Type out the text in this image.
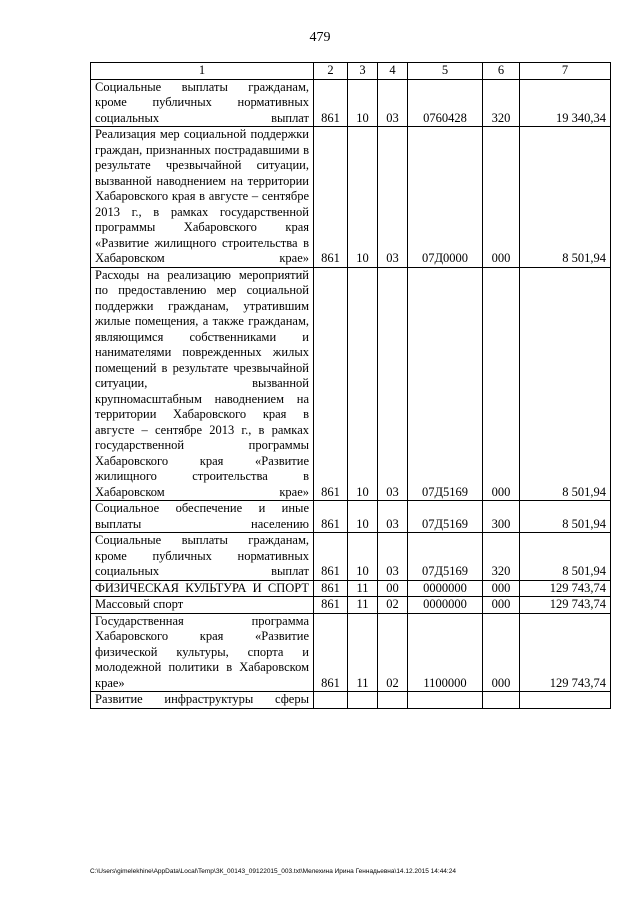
479
1	2	3	4	5	6	7
Социальные выплаты гражданам, кроме публичных нормативных социальных выплат	861	10	03	0760428	320	19 340,34
Реализация мер социальной поддержки граждан, признанных пострадавшими в результате чрезвычайной ситуации, вызванной наводнением на территории Хабаровского края в августе – сентябре 2013 г., в рамках государственной программы Хабаровского края «Развитие жилищного строительства в Хабаровском крае»	861	10	03	07Д0000	000	8 501,94
Расходы на реализацию мероприятий по предоставлению мер социальной поддержки гражданам, утратившим жилые помещения, а также гражданам, являющимся собственниками и нанимателями поврежденных жилых помещений в результате чрезвычайной ситуации, вызванной крупномасштабным наводнением на территории Хабаровского края в августе – сентябре 2013 г., в рамках государственной программы Хабаровского края «Развитие жилищного строительства в Хабаровском крае»	861	10	03	07Д5169	000	8 501,94
Социальное обеспечение и иные выплаты населению	861	10	03	07Д5169	300	8 501,94
Социальные выплаты гражданам, кроме публичных нормативных социальных выплат	861	10	03	07Д5169	320	8 501,94
ФИЗИЧЕСКАЯ КУЛЬТУРА И СПОРТ	861	11	00	0000000	000	129 743,74
Массовый спорт	861	11	02	0000000	000	129 743,74
Государственная программа Хабаровского края «Развитие физической культуры, спорта и молодежной политики в Хабаровском крае»	861	11	02	1100000	000	129 743,74
Развитие инфраструктуры сферы						
C:\Users\gimelekhine\AppData\Local\Temp\ЗК_00143_09122015_003.txt\Мелехина Ирина Геннадьевна\14.12.2015 14:44:24
